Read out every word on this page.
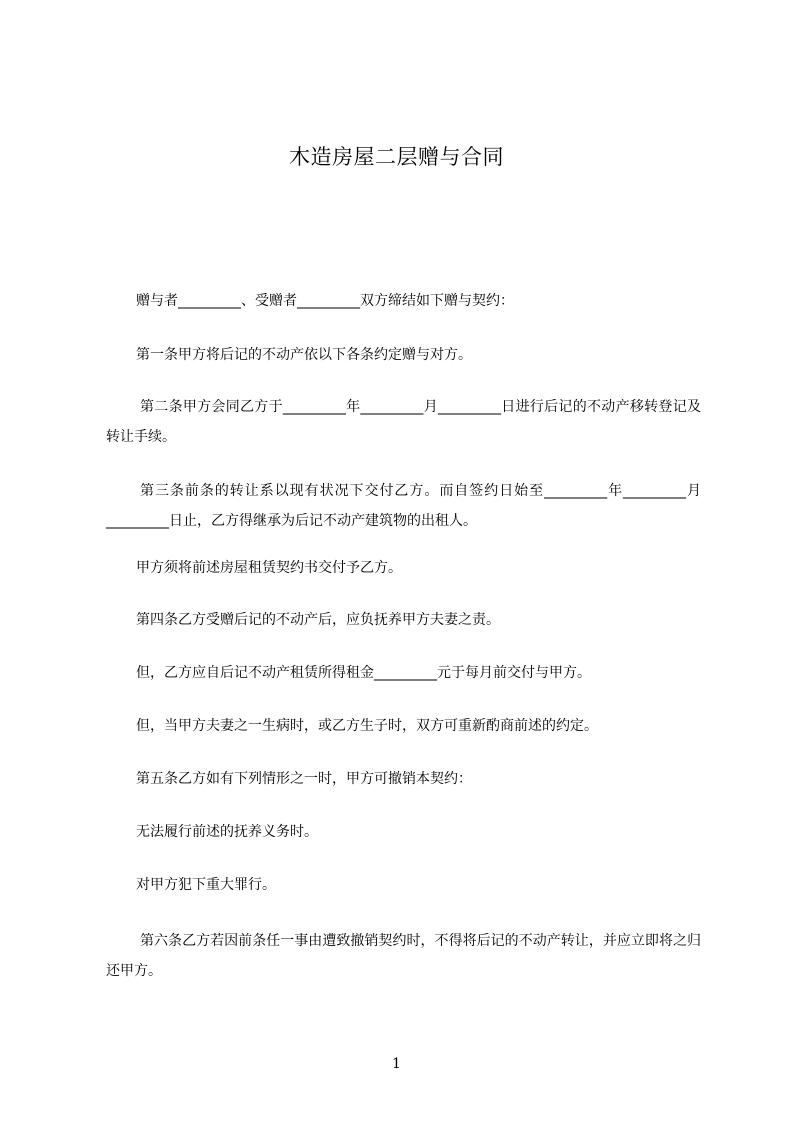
木造房屋二层赠与合同
赠与者_________、受赠者_________双方缔结如下赠与契约：
第一条甲方将后记的不动产依以下各条约定赠与对方。
第二条甲方会同乙方于_________年_________月_________日进行后记的不动产移转登记及转让手续。
第三条前条的转让系以现有状况下交付乙方。而自签约日始至_________年_________月_________日止，乙方得继承为后记不动产建筑物的出租人。
甲方须将前述房屋租赁契约书交付予乙方。
第四条乙方受赠后记的不动产后，应负抚养甲方夫妻之责。
但，乙方应自后记不动产租赁所得租金_________元于每月前交付与甲方。
但，当甲方夫妻之一生病时，或乙方生子时，双方可重新酌商前述的约定。
第五条乙方如有下列情形之一时，甲方可撤销本契约：
无法履行前述的抚养义务时。
对甲方犯下重大罪行。
第六条乙方若因前条任一事由遭致撤销契约时，不得将后记的不动产转让，并应立即将之归还甲方。
1
